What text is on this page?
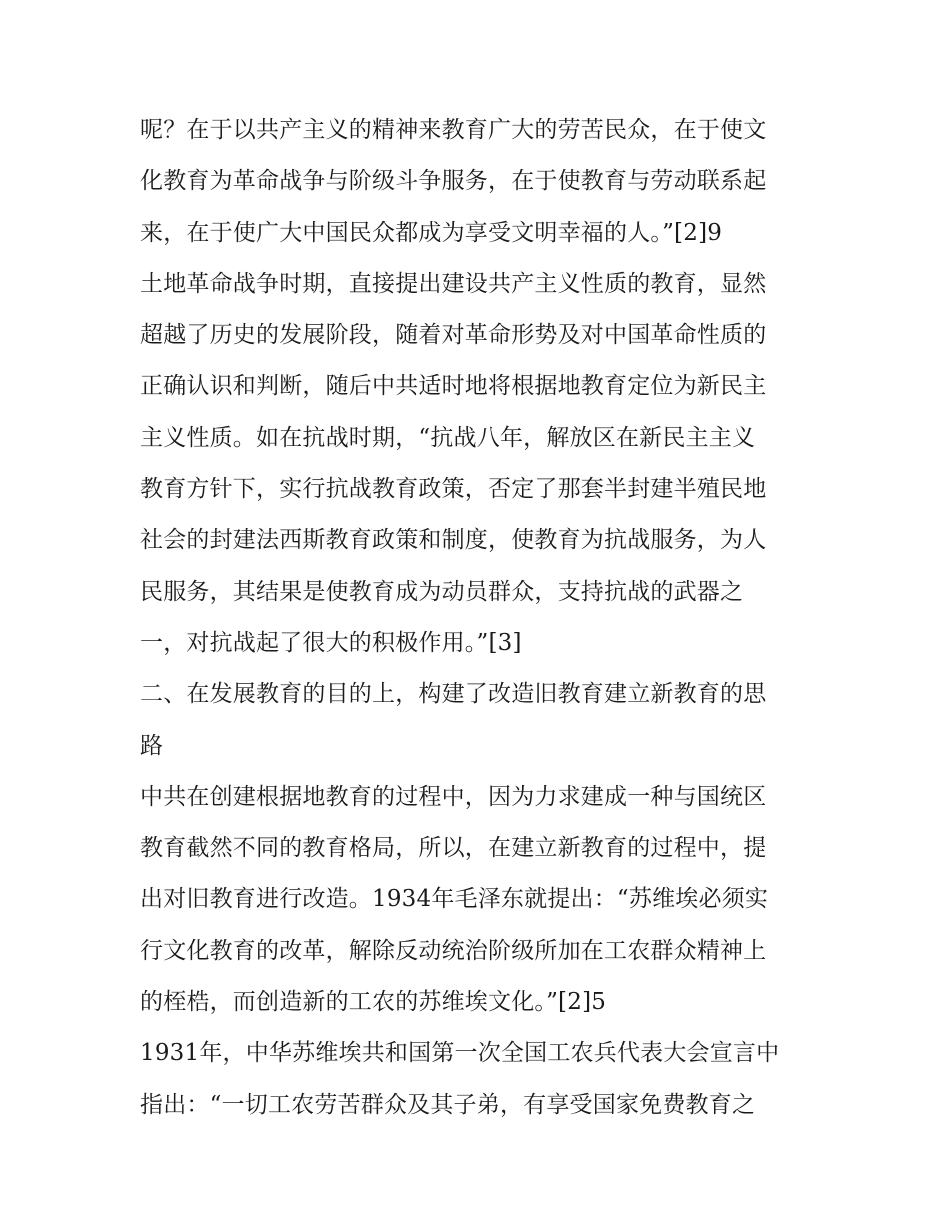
呢？在于以共产主义的精神来教育广大的劳苦民众，在于使文
化教育为革命战争与阶级斗争服务，在于使教育与劳动联系起
来，在于使广大中国民众都成为享受文明幸福的人。”[2]9
土地革命战争时期，直接提出建设共产主义性质的教育，显然
超越了历史的发展阶段，随着对革命形势及对中国革命性质的
正确认识和判断，随后中共适时地将根据地教育定位为新民主
主义性质。如在抗战时期，“抗战八年，解放区在新民主主义
教育方针下，实行抗战教育政策，否定了那套半封建半殖民地
社会的封建法西斯教育政策和制度，使教育为抗战服务，为人
民服务，其结果是使教育成为动员群众，支持抗战的武器之
一，对抗战起了很大的积极作用。”[3]
二、在发展教育的目的上，构建了改造旧教育建立新教育的思
路
中共在创建根据地教育的过程中，因为力求建成一种与国统区
教育截然不同的教育格局，所以，在建立新教育的过程中，提
出对旧教育进行改造。1934年毛泽东就提出：“苏维埃必须实
行文化教育的改革，解除反动统治阶级所加在工农群众精神上
的桎梏，而创造新的工农的苏维埃文化。”[2]5
1931年，中华苏维埃共和国第一次全国工农兵代表大会宣言中
指出：“一切工农劳苦群众及其子弟，有享受国家免费教育之
